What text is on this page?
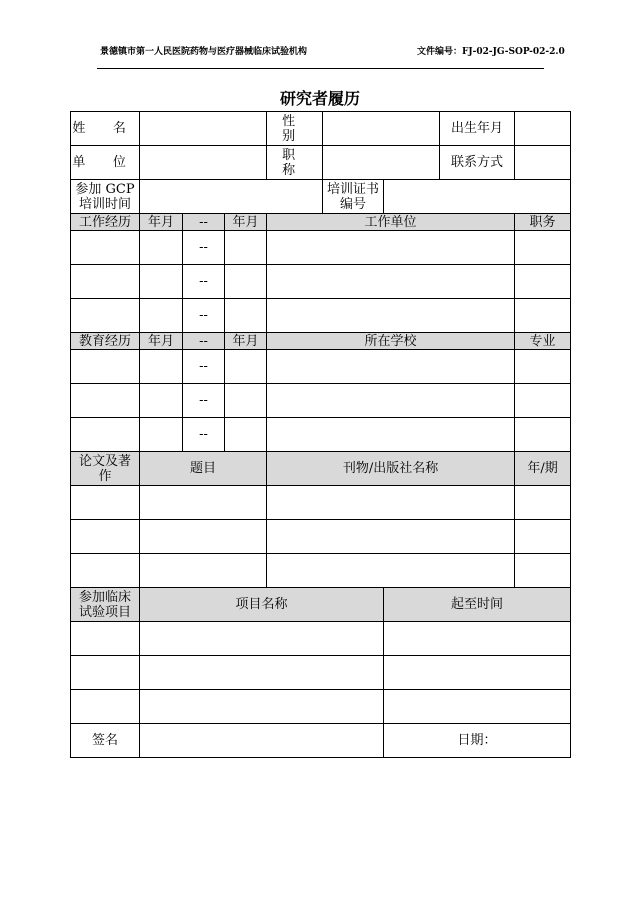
景德镇市第一人民医院药物与医疗器械临床试验机构	文件编号：FJ-02-JG-SOP-02-2.0
研究者履历
姓 名				性 别			出生年月	
单 位				职 称			联系方式	
参加 GCP
培训时间					培训证书编号			
工作经历	年月	--	年月	工作单位				职务
		--						
		--						
		--						
教育经历	年月	--	年月	所在学校				专业
		--						
		--						
		--						
论文及著
作	题目			刊物/出版社名称				年/期

参加临床
试验项目	项目名称					起至时间		

签名						日期：		
